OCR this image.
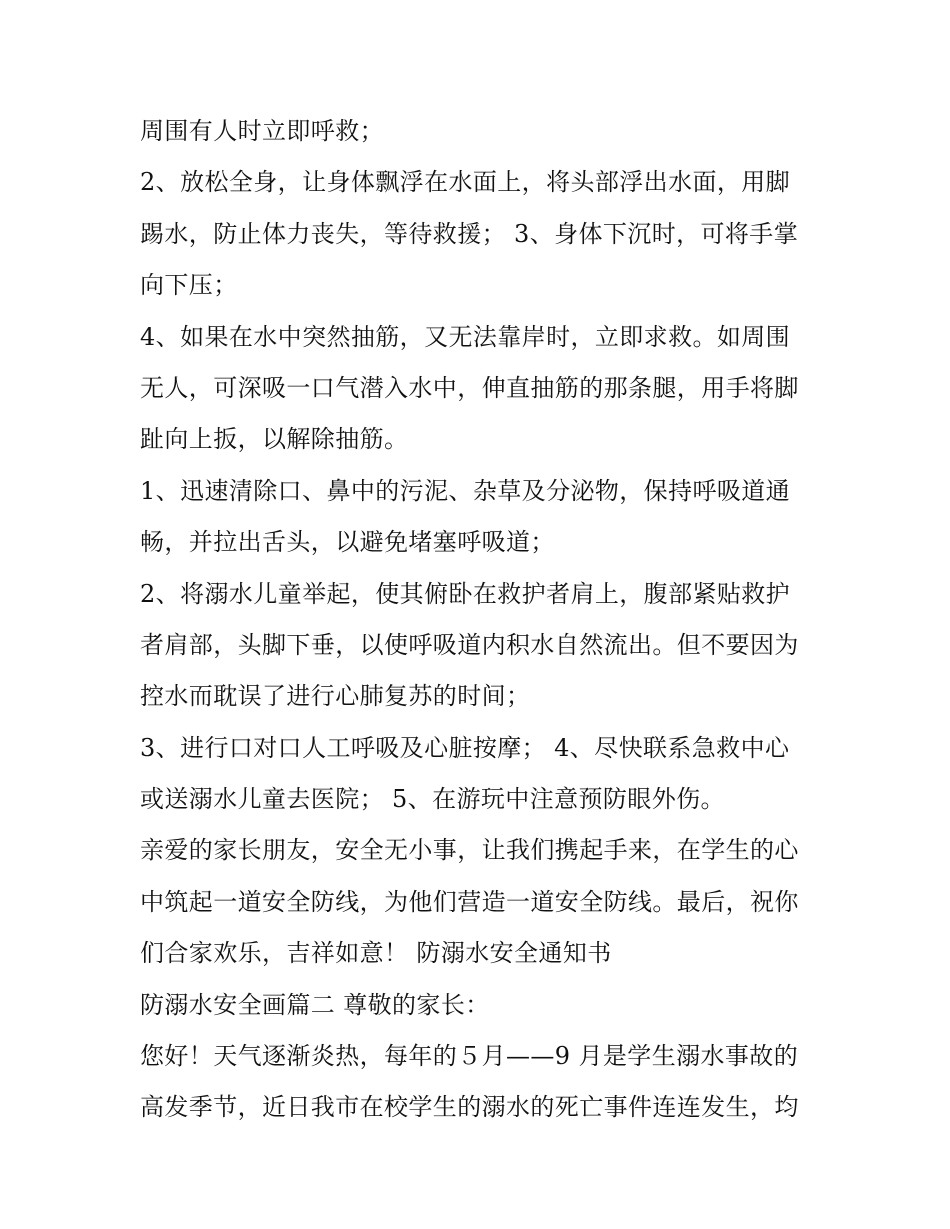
周围有人时立即呼救；
2、放松全身，让身体飘浮在水面上，将头部浮出水面，用脚
踢水，防止体力丧失，等待救援； 3、身体下沉时，可将手掌
向下压；
4、如果在水中突然抽筋，又无法靠岸时，立即求救。如周围
无人，可深吸一口气潜入水中，伸直抽筋的那条腿，用手将脚
趾向上扳，以解除抽筋。
1、迅速清除口、鼻中的污泥、杂草及分泌物，保持呼吸道通
畅，并拉出舌头，以避免堵塞呼吸道；
2、将溺水儿童举起，使其俯卧在救护者肩上，腹部紧贴救护
者肩部，头脚下垂，以使呼吸道内积水自然流出。但不要因为
控水而耽误了进行心肺复苏的时间；
3、进行口对口人工呼吸及心脏按摩； 4、尽快联系急救中心
或送溺水儿童去医院； 5、在游玩中注意预防眼外伤。
亲爱的家长朋友，安全无小事，让我们携起手来，在学生的心
中筑起一道安全防线，为他们营造一道安全防线。最后，祝你
们合家欢乐，吉祥如意！ 防溺水安全通知书
防溺水安全画篇二 尊敬的家长：
您好！天气逐渐炎热，每年的５月——9 月是学生溺水事故的
高发季节，近日我市在校学生的溺水的死亡事件连连发生，均
